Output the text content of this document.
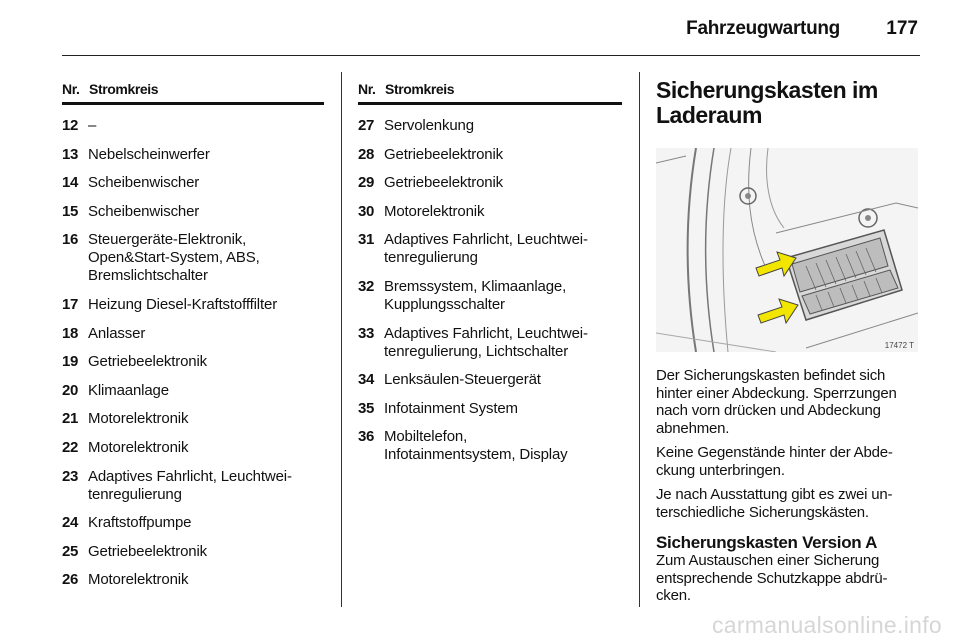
Fahrzeugwartung 177
Nr. Stromkreis
12 –
13 Nebelscheinwerfer
14 Scheibenwischer
15 Scheibenwischer
16 Steuergeräte-Elektronik,
Open&Start-System, ABS,
Bremslichtschalter
17 Heizung Diesel-Kraftstofffilter
18 Anlasser
19 Getriebeelektronik
20 Klimaanlage
21 Motorelektronik
22 Motorelektronik
23 Adaptives Fahrlicht, Leuchtwei-
tenregulierung
24 Kraftstoffpumpe
25 Getriebeelektronik
26 Motorelektronik
Nr. Stromkreis
27 Servolenkung
28 Getriebeelektronik
29 Getriebeelektronik
30 Motorelektronik
31 Adaptives Fahrlicht, Leuchtwei-
tenregulierung
32 Bremssystem, Klimaanlage,
Kupplungsschalter
33 Adaptives Fahrlicht, Leuchtwei-
tenregulierung, Lichtschalter
34 Lenksäulen-Steuergerät
35 Infotainment System
36 Mobiltelefon,
Infotainmentsystem, Display
Sicherungskasten im
Laderaum
17472 T

Der Sicherungskasten befindet sich
hinter einer Abdeckung. Sperrzungen
nach vorn drücken und Abdeckung
abnehmen.

Keine Gegenstände hinter der Abde-
ckung unterbringen.

Je nach Ausstattung gibt es zwei un-
terschiedliche Sicherungskästen.

Sicherungskasten Version A

Zum Austauschen einer Sicherung
entsprechende Schutzkappe abdrü-
cken.

carmanualsonline.info
